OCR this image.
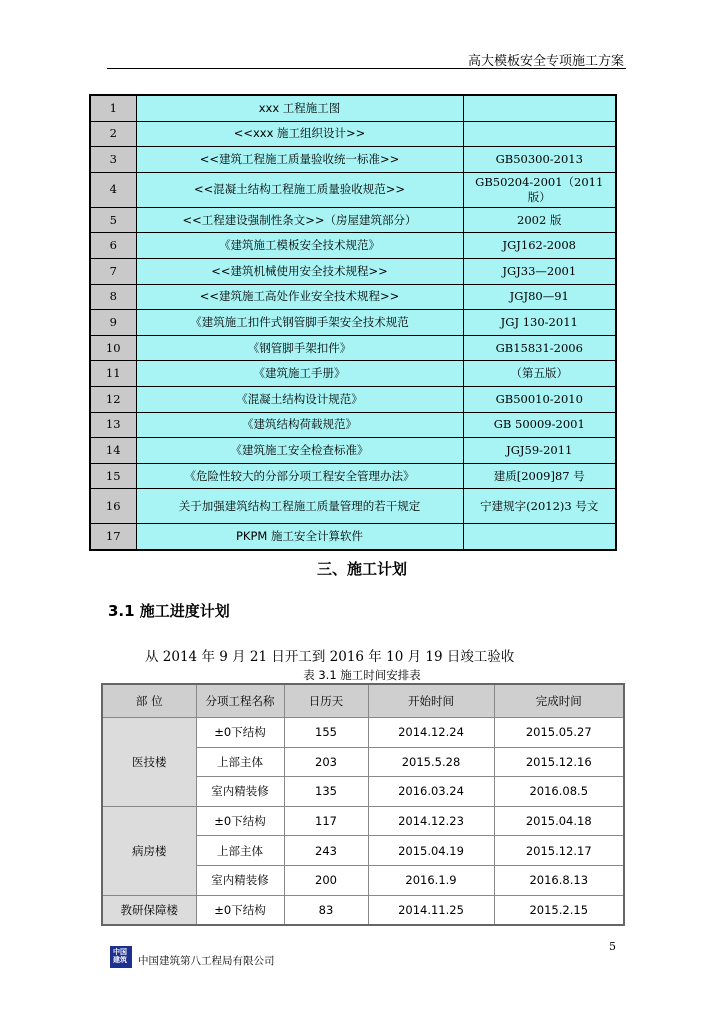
高大模板安全专项施工方案
1	xxx 工程施工图	
2	<<xxx 施工组织设计>>	
3	<<建筑工程施工质量验收统一标准>>	GB50300-2013
4	<<混凝土结构工程施工质量验收规范>>	GB50204-2001（2011版）
5	<<工程建设强制性条文>>（房屋建筑部分）	2002 版
6	《建筑施工模板安全技术规范》	JGJ162-2008
7	<<建筑机械使用安全技术规程>>	JGJ33—2001
8	<<建筑施工高处作业安全技术规程>>	JGJ80—91
9	《建筑施工扣件式钢管脚手架安全技术规范	JGJ 130-2011
10	《钢管脚手架扣件》	GB15831-2006
11	《建筑施工手册》	（第五版）
12	《混凝土结构设计规范》	GB50010-2010
13	《建筑结构荷载规范》	GB 50009-2001
14	《建筑施工安全检查标准》	JGJ59-2011
15	《危险性较大的分部分项工程安全管理办法》	建质[2009]87 号
16	关于加强建筑结构工程施工质量管理的若干规定	宁建规字(2012)3 号文
17	PKPM 施工安全计算软件	
三、施工计划
3.1 施工进度计划
从 2014 年 9 月 21 日开工到 2016 年 10 月 19 日竣工验收
表 3.1 施工时间安排表
部 位	分项工程名称	日历天	开始时间	完成时间
医技楼	±0下结构	155	2014.12.24	2015.05.27
	上部主体	203	2015.5.28	2015.12.16
	室内精装修	135	2016.03.24	2016.08.5
病房楼	±0下结构	117	2014.12.23	2015.04.18
	上部主体	243	2015.04.19	2015.12.17
	室内精装修	200	2016.1.9	2016.8.13
教研保障楼	±0下结构	83	2014.11.25	2015.2.15
5
中国建筑	中国建筑第八工程局有限公司
